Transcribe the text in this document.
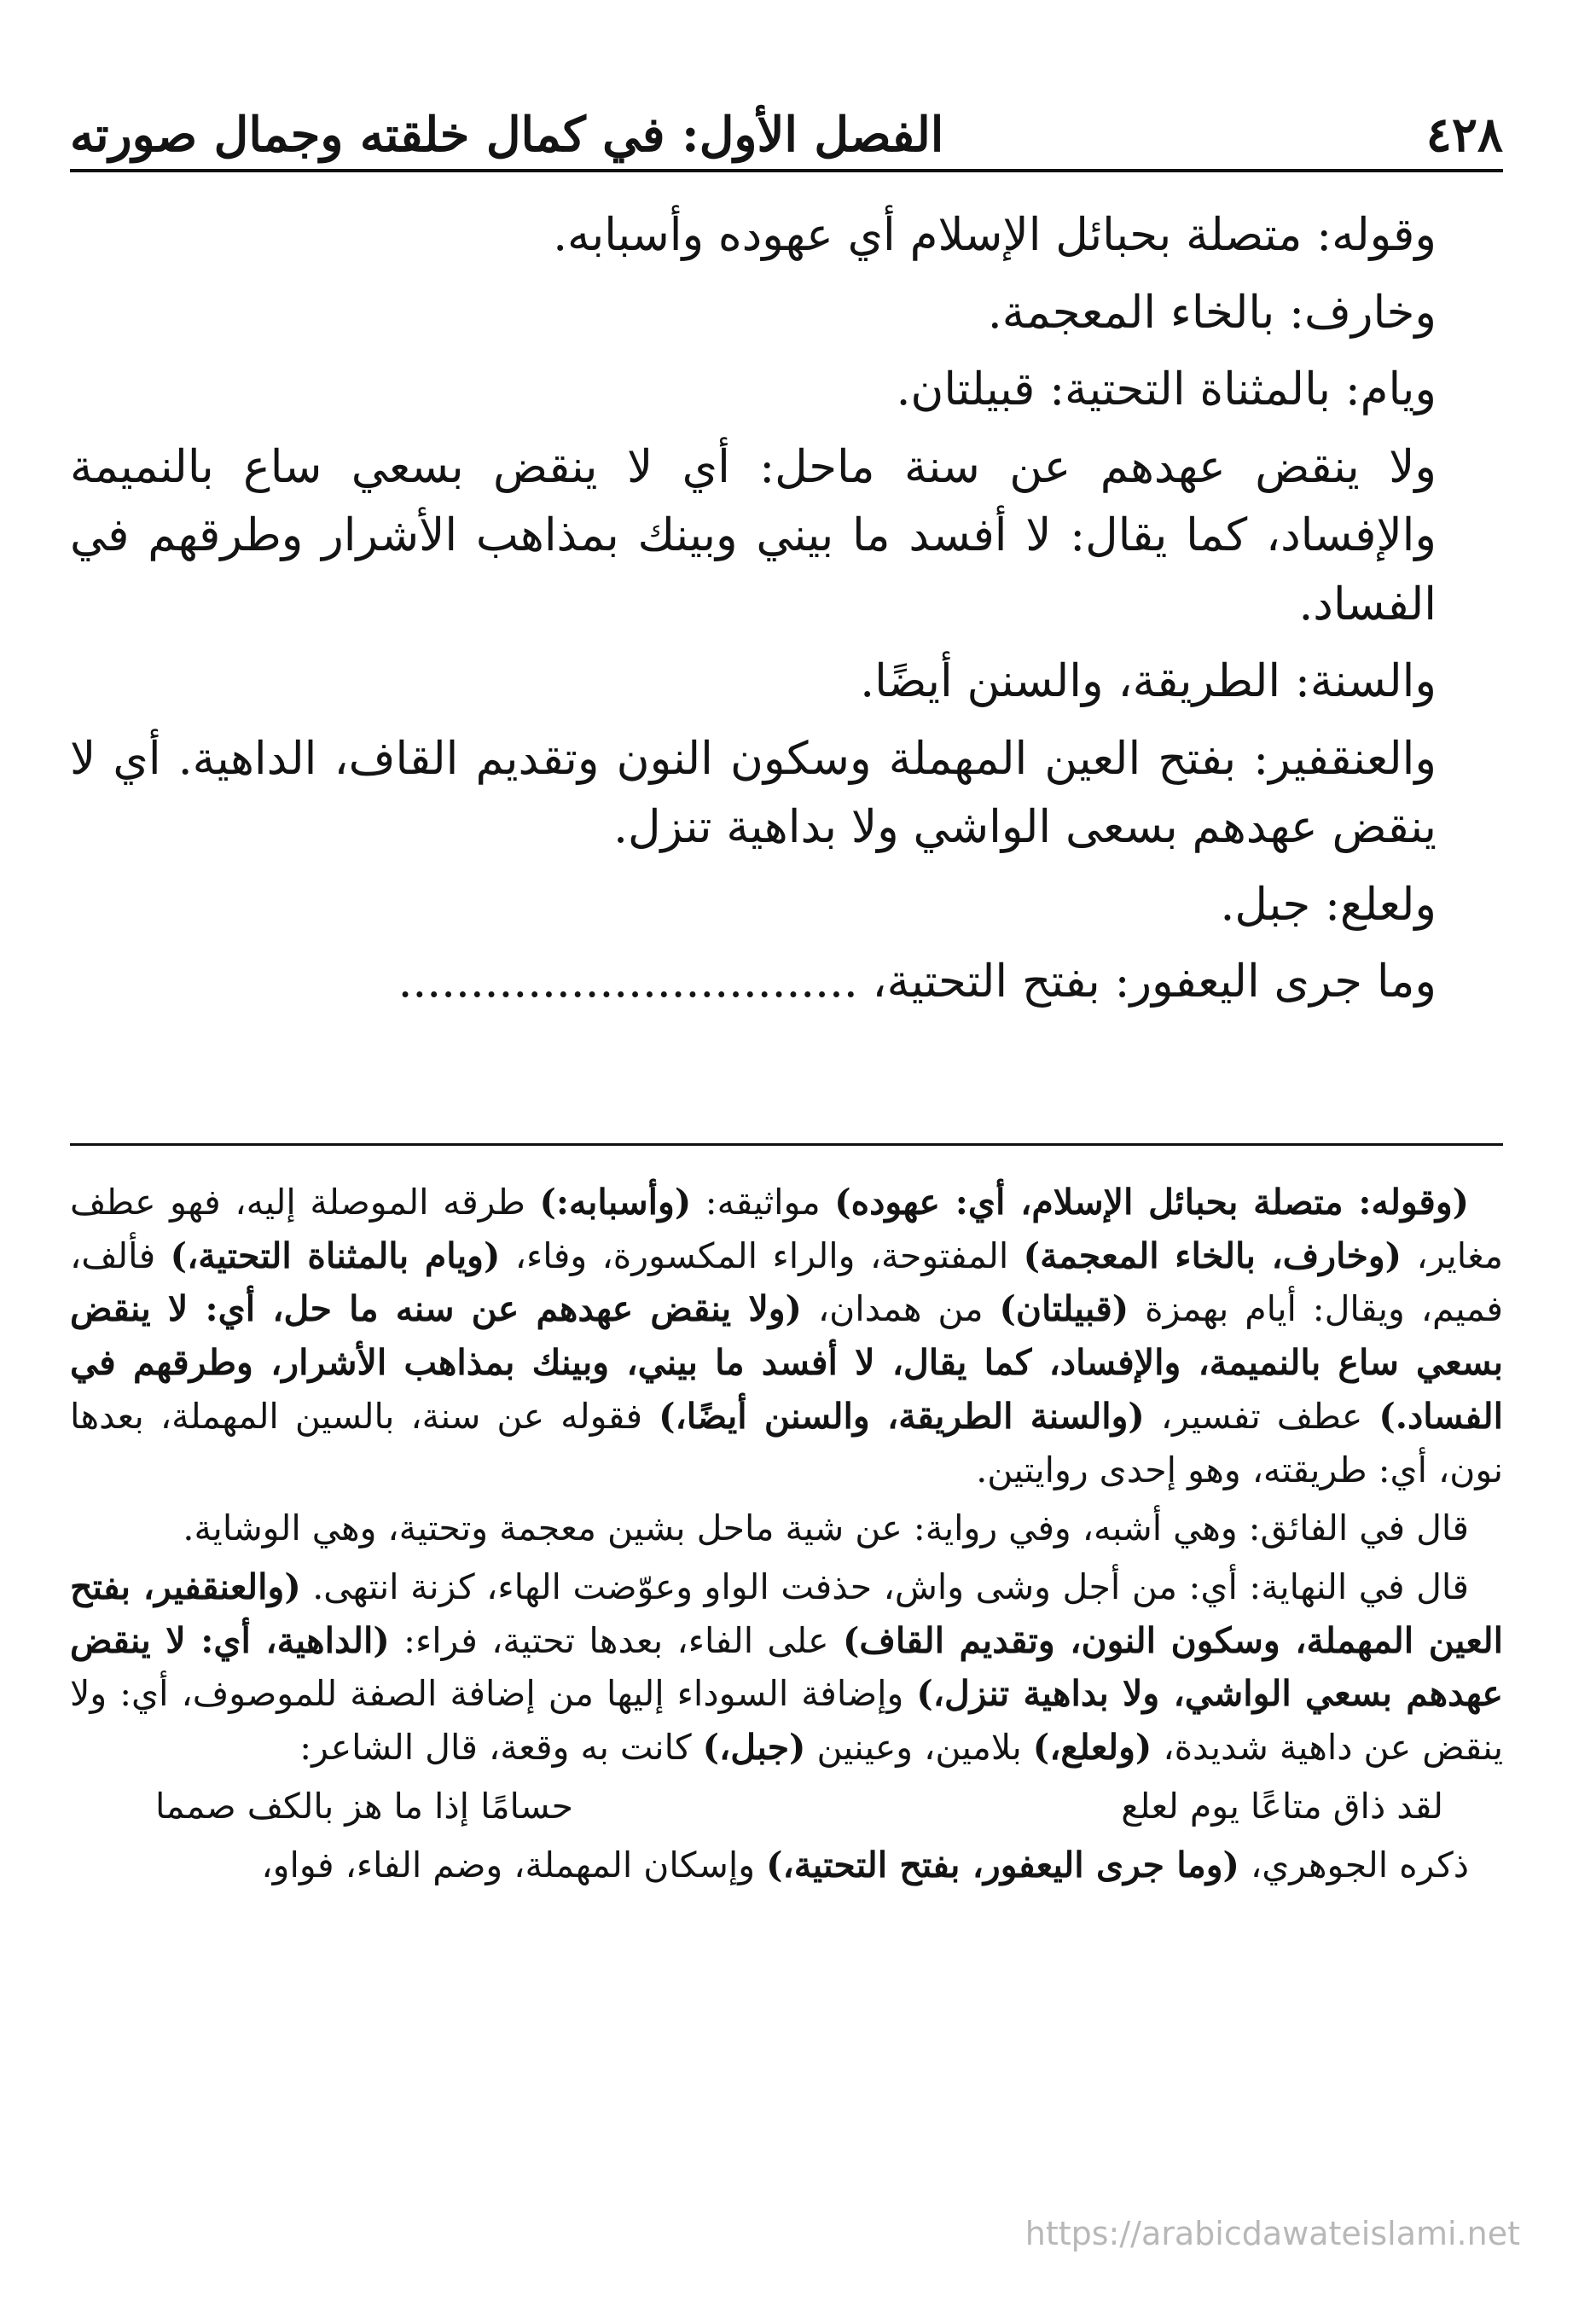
٤٢٨
الفصل الأول: في كمال خلقته وجمال صورته

وقوله: متصلة بحبائل الإسلام أي عهوده وأسبابه.

وخارف: بالخاء المعجمة.

ويام: بالمثناة التحتية: قبيلتان.

ولا ينقض عهدهم عن سنة ماحل: أي لا ينقض بسعي ساع بالنميمة والإفساد، كما يقال: لا أفسد ما بيني وبينك بمذاهب الأشرار وطرقهم في الفساد.

والسنة: الطريقة، والسنن أيضًا.

والعنقفير: بفتح العين المهملة وسكون النون وتقديم القاف، الداهية. أي لا ينقض عهدهم بسعى الواشي ولا بداهية تنزل.

ولعلع: جبل.

وما جرى اليعفور: بفتح التحتية، ................................

(وقوله: متصلة بحبائل الإسلام، أي: عهوده) مواثيقه: (وأسبابه:) طرقه الموصلة إليه، فهو عطف مغاير، (وخارف، بالخاء المعجمة) المفتوحة، والراء المكسورة، وفاء، (ويام بالمثناة التحتية،) فألف، فميم، ويقال: أيام بهمزة (قبيلتان) من همدان، (ولا ينقض عهدهم عن سنه ما حل، أي: لا ينقض بسعي ساع بالنميمة، والإفساد، كما يقال، لا أفسد ما بيني، وبينك بمذاهب الأشرار، وطرقهم في الفساد.) عطف تفسير، (والسنة الطريقة، والسنن أيضًا،) فقوله عن سنة، بالسين المهملة، بعدها نون، أي: طريقته، وهو إحدى روايتين.

قال في الفائق: وهي أشبه، وفي رواية: عن شية ماحل بشين معجمة وتحتية، وهي الوشاية.

قال في النهاية: أي: من أجل وشى واش، حذفت الواو وعوّضت الهاء، كزنة انتهى. (والعنقفير، بفتح العين المهملة، وسكون النون، وتقديم القاف) على الفاء، بعدها تحتية، فراء: (الداهية، أي: لا ينقض عهدهم بسعي الواشي، ولا بداهية تنزل،) وإضافة السوداء إليها من إضافة الصفة للموصوف، أي: ولا ينقض عن داهية شديدة، (ولعلع،) بلامين، وعينين (جبل،) كانت به وقعة، قال الشاعر:

لقد ذاق متاعًا يوم لعلع
حسامًا إذا ما هز بالكف صمما

ذكره الجوهري، (وما جرى اليعفور، بفتح التحتية،) وإسكان المهملة، وضم الفاء، فواو،

https://arabicdawateislami.net
